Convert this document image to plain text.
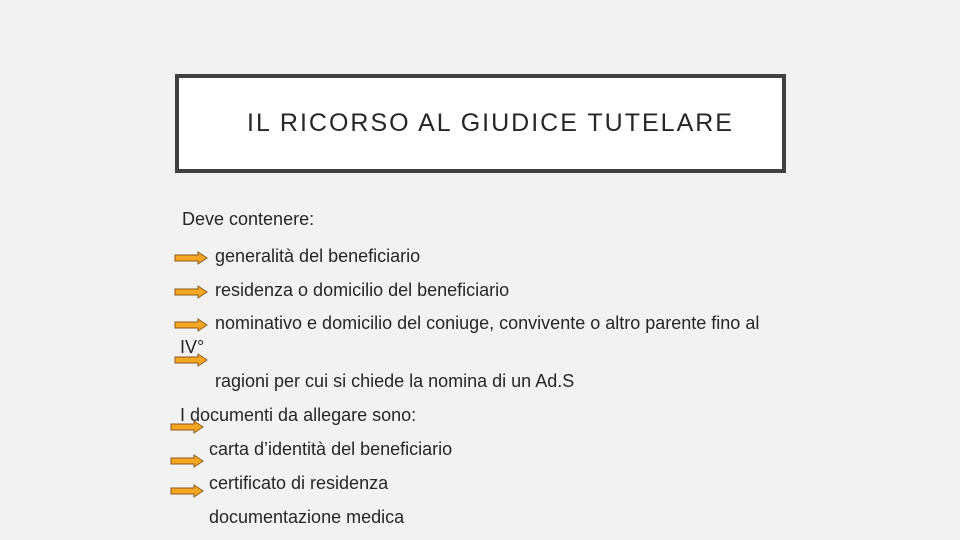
IL RICORSO AL GIUDICE TUTELARE
Deve contenere:
generalità del beneficiario
residenza o domicilio del beneficiario
nominativo e domicilio del coniuge, convivente o altro parente fino al
IV°
ragioni per cui si chiede la nomina di un Ad.S
I documenti da allegare sono:
carta d’identità del beneficiario
certificato di residenza
documentazione medica
